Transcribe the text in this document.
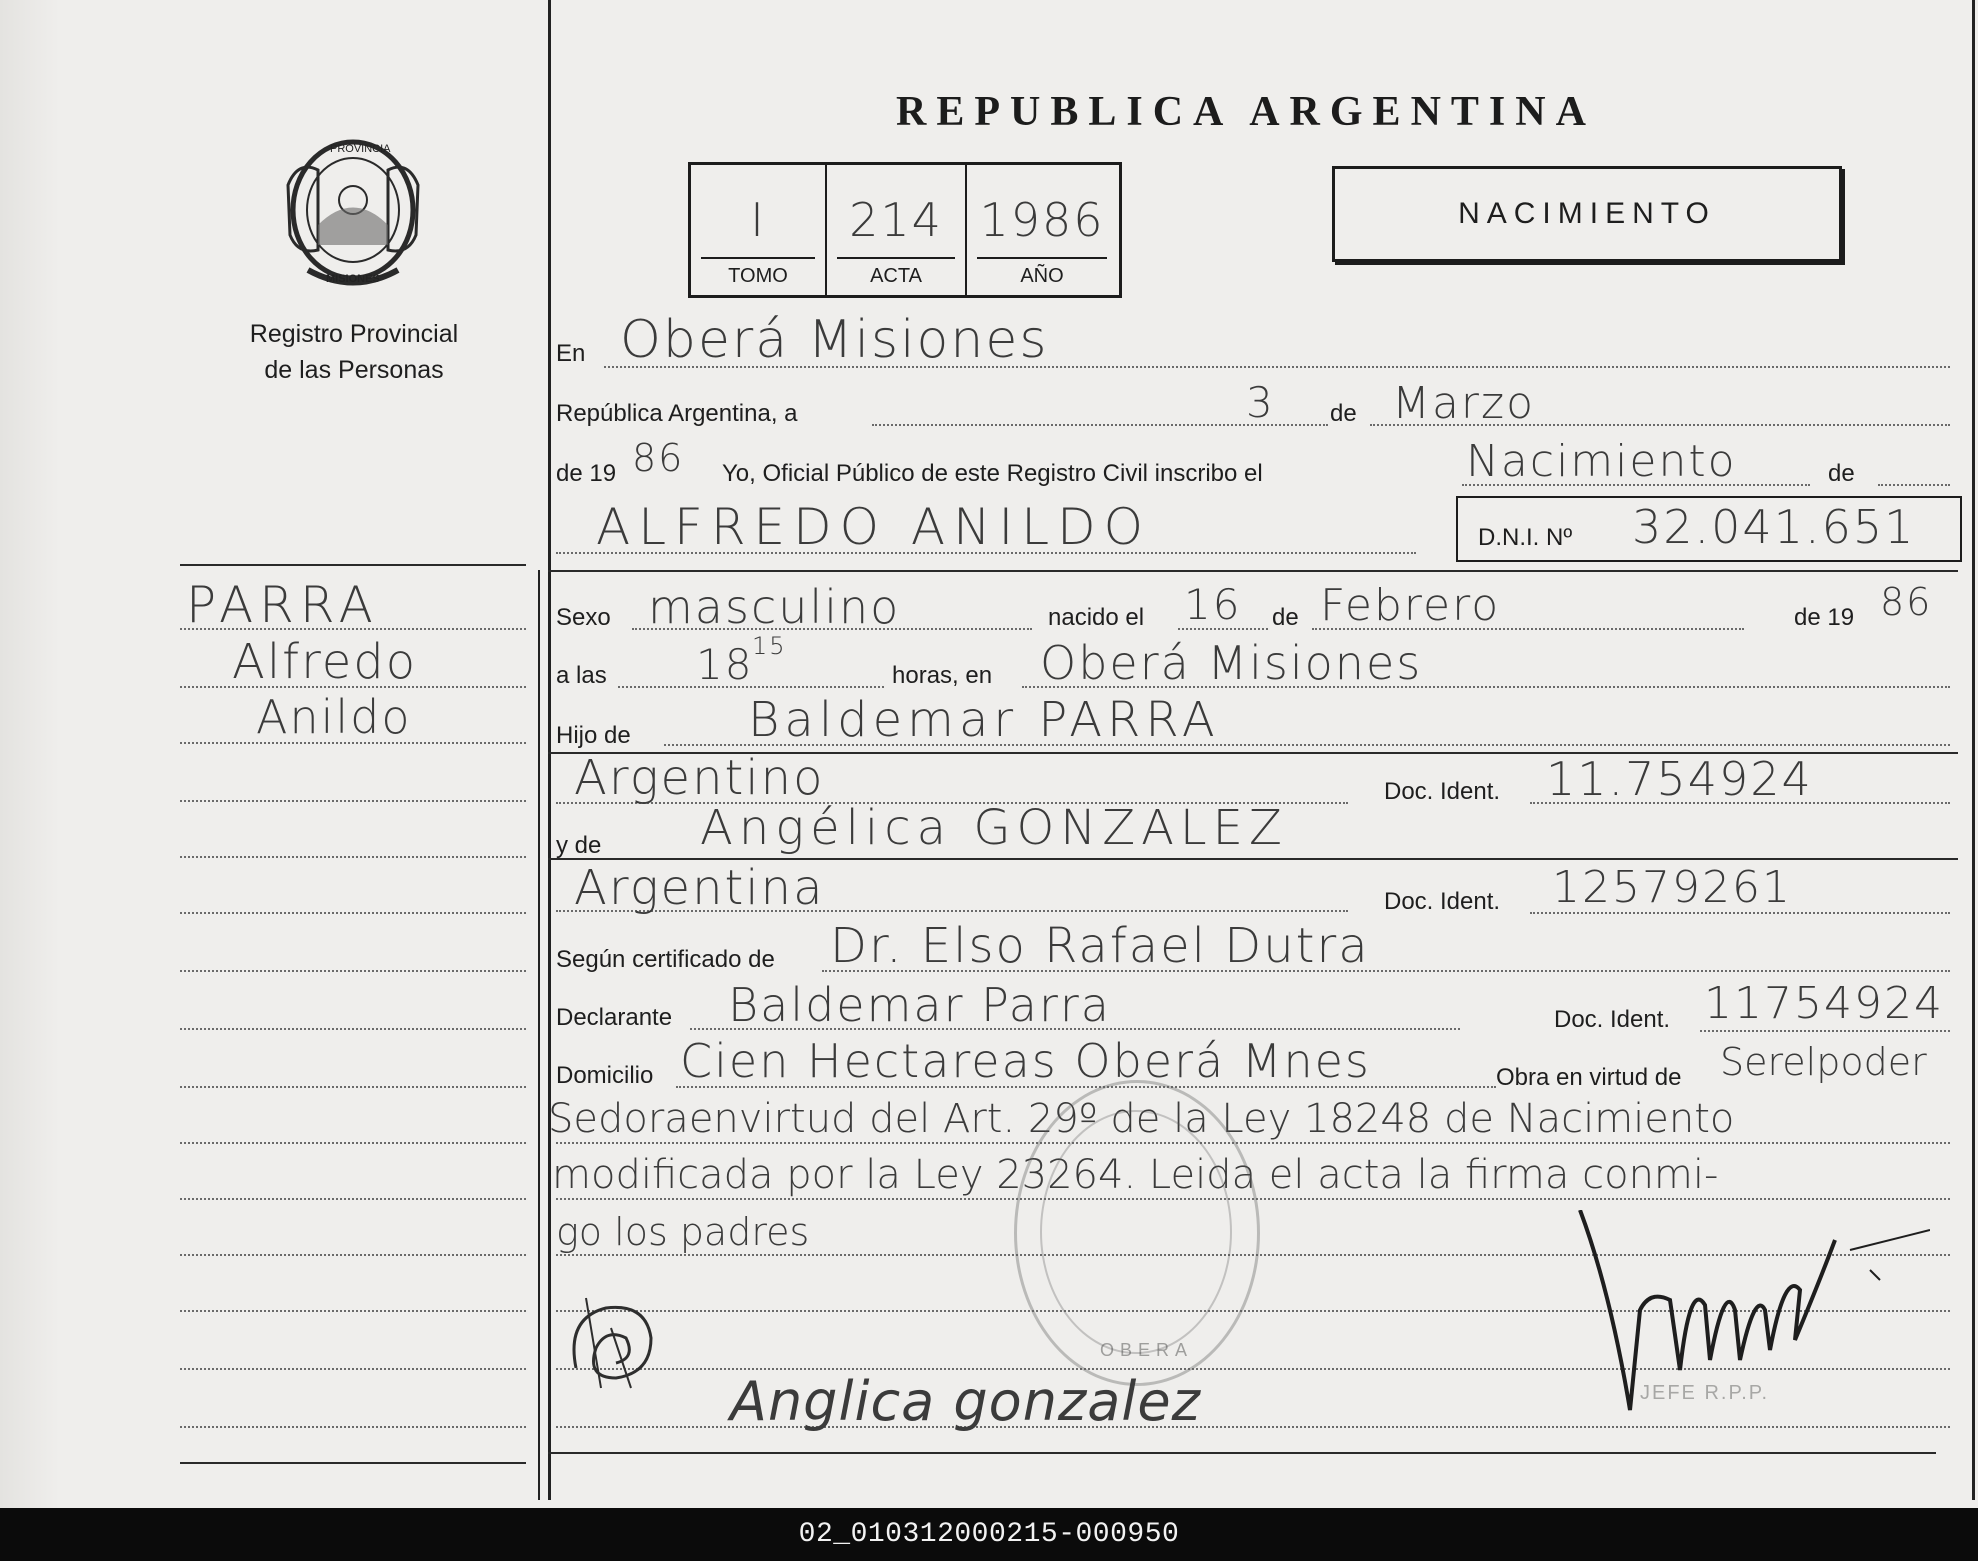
PROVINCIA
MISIONES
Registro Provincial
de las Personas
REPUBLICA ARGENTINA
I
TOMO
214
ACTA
1986
AÑO
NACIMIENTO
En Oberá Misiones
República Argentina, a	3 de Marzo
de 19 86 Yo, Oficial Público de este Registro Civil inscribo el	Nacimiento	de
ALFREDO ANILDO	D.N.I. Nº 32.041.651
Sexo masculino	nacido el 16 de Febrero	de 19 86
a las 18
15
horas, en Oberá Misiones
Hijo de Baldemar PARRA
Argentino	Doc. Ident. 11.754924
y de Angélica GONZALEZ
Argentina	Doc. Ident. 12579261
Según certificado de Dr. Elso Rafael Dutra
Declarante Baldemar Parra	Doc. Ident. 11754924
Domicilio Cien Hectareas Oberá Mnes	Obra en virtud de Serelpoder
Sedoraenvirtud del Art. 29º de la Ley 18248 de Nacimiento
modificada por la Ley 23264. Leida el acta la firma conmi-
go los padres
PARRA
Alfredo
Anildo
OBERA
JEFE R.P.P.
Anglica gonzalez
02_010312000215-000950
